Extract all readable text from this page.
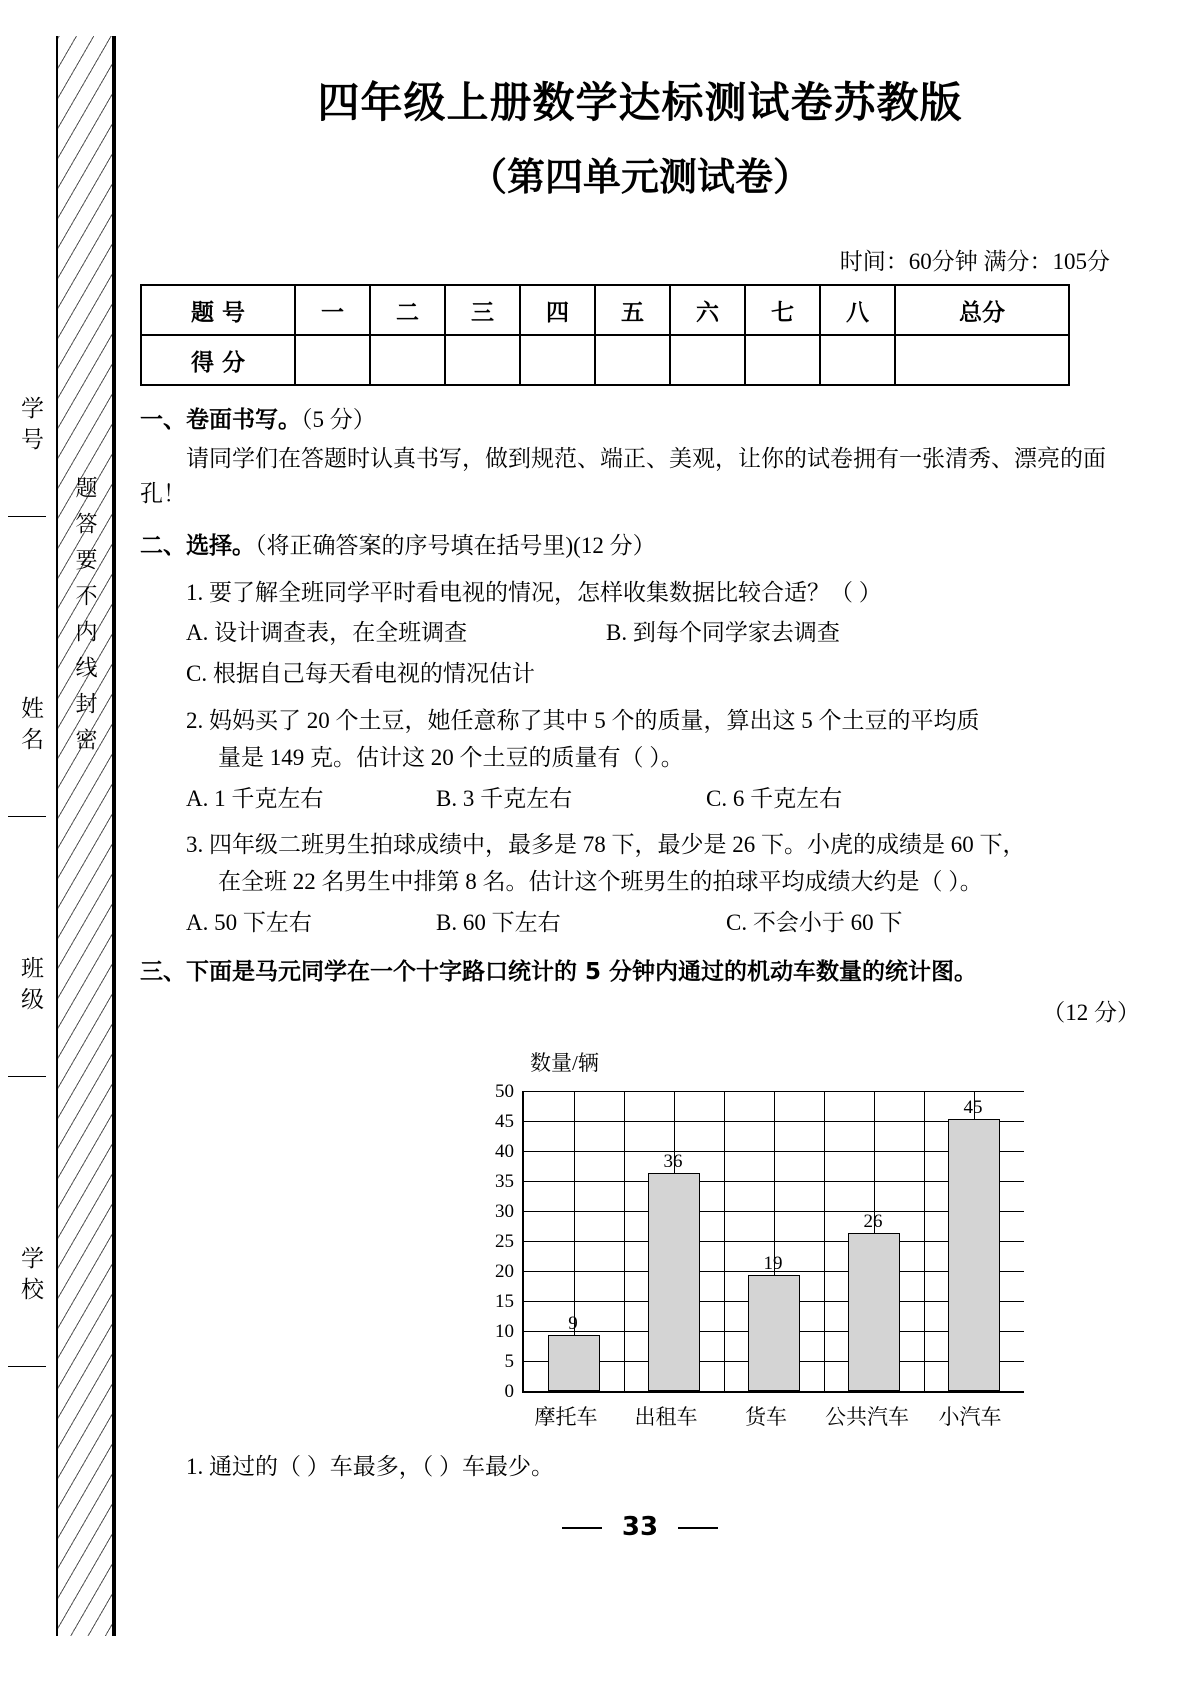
学号
姓名
班级
学校
题答要不内线封密
四年级上册数学达标测试卷苏教版
（第四单元测试卷）
时间：60分钟 满分：105分
题 号	一	二	三	四	五	六	七	八	总分
得 分									
一、卷面书写。（5 分）
请同学们在答题时认真书写，做到规范、端正、美观，让你的试卷拥有一张清秀、漂亮的面孔！
二、选择。（将正确答案的序号填在括号里)(12 分）
1. 要了解全班同学平时看电视的情况，怎样收集数据比较合适？（ ）
A. 设计调查表，在全班调查	B. 到每个同学家去调查
C. 根据自己每天看电视的情况估计
2. 妈妈买了 20 个土豆，她任意称了其中 5 个的质量，算出这 5 个土豆的平均质
量是 149 克。估计这 20 个土豆的质量有（ ）。
A. 1 千克左右	B. 3 千克左右	C. 6 千克左右
3. 四年级二班男生拍球成绩中，最多是 78 下，最少是 26 下。小虎的成绩是 60 下，
在全班 22 名男生中排第 8 名。估计这个班男生的拍球平均成绩大约是（ ）。
A. 50 下左右	B. 60 下左右	C. 不会小于 60 下
三、下面是马元同学在一个十字路口统计的 5 分钟内通过的机动车数量的统计图。
（12 分）
数量/辆
0
5
10
15
20
25
30
35
40
45
50
9
36
19
26
45
摩托车	出租车	货车	公共汽车	小汽车
1. 通过的（ ）车最多，（ ）车最少。
33
